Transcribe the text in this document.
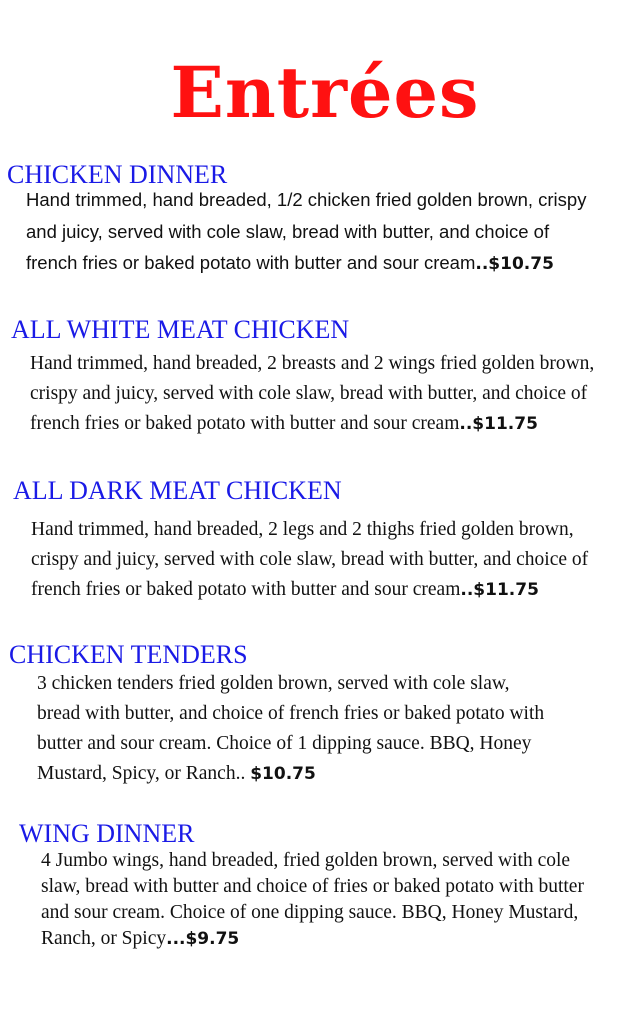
Entrées
CHICKEN DINNER

Hand trimmed, hand breaded, 1/2 chicken fried golden brown, crispy and juicy, served with cole slaw, bread with butter, and choice of french fries or baked potato with butter and sour cream..$10.75

ALL WHITE MEAT CHICKEN

Hand trimmed, hand breaded, 2 breasts and 2 wings fried golden brown, crispy and juicy, served with cole slaw, bread with butter, and choice of french fries or baked potato with butter and sour cream..$11.75

ALL DARK MEAT CHICKEN

Hand trimmed, hand breaded, 2 legs and 2 thighs fried golden brown, crispy and juicy, served with cole slaw, bread with butter, and choice of french fries or baked potato with butter and sour cream..$11.75

CHICKEN TENDERS

3 chicken tenders fried golden brown, served with cole slaw, bread with butter, and choice of french fries or baked potato with butter and sour cream. Choice of 1 dipping sauce. BBQ, Honey Mustard, Spicy, or Ranch.. $10.75

WING DINNER

4 Jumbo wings, hand breaded, fried golden brown, served with cole slaw, bread with butter and choice of fries or baked potato with butter and sour cream. Choice of one dipping sauce. BBQ, Honey Mustard, Ranch, or Spicy...$9.75
